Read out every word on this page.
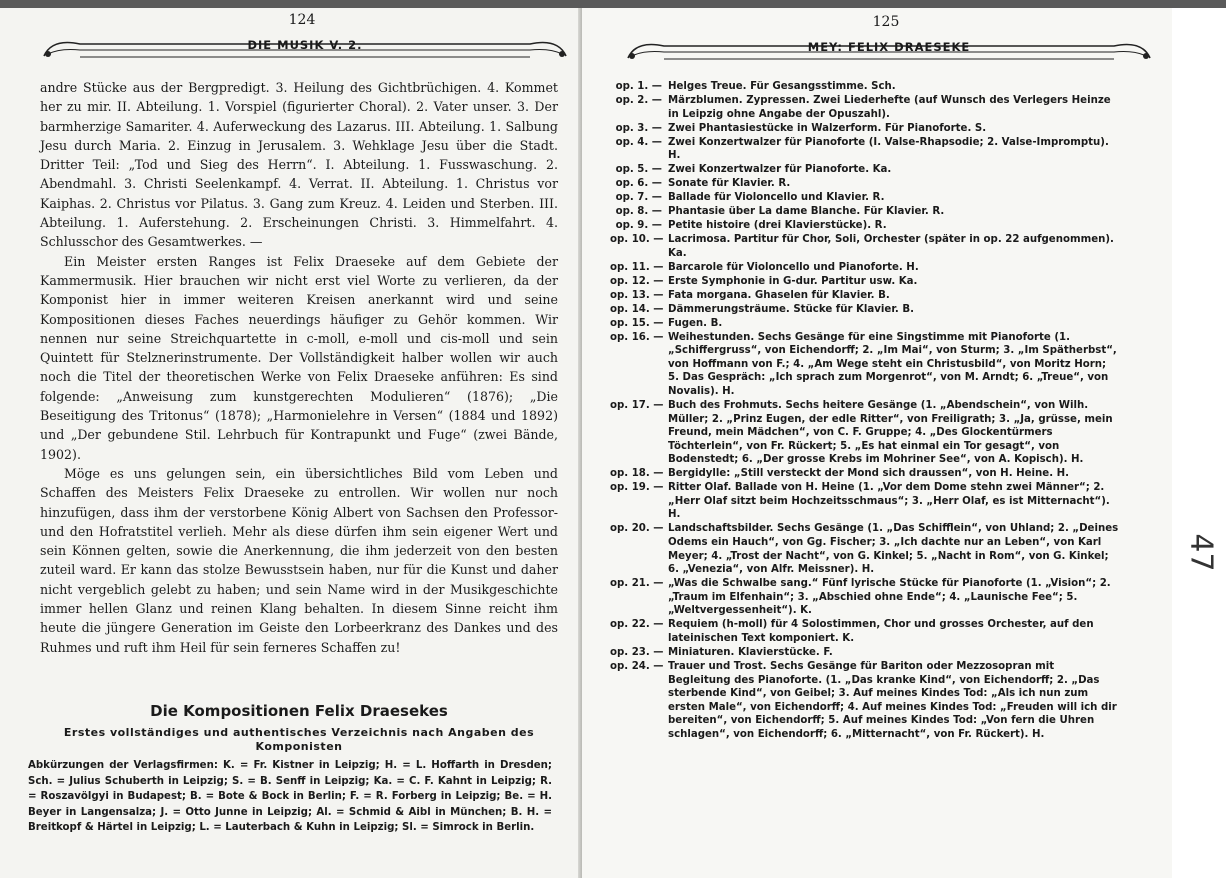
124
DIE MUSIK V. 2.

andre Stücke aus der Bergpredigt. 3. Heilung des Gichtbrüchigen. 4. Kommet her zu mir. II. Abteilung. 1. Vorspiel (figurierter Choral). 2. Vater unser. 3. Der barmherzige Samariter. 4. Auferweckung des Lazarus. III. Abteilung. 1. Salbung Jesu durch Maria. 2. Einzug in Jerusalem. 3. Wehklage Jesu über die Stadt. Dritter Teil: „Tod und Sieg des Herrn“. I. Abteilung. 1. Fusswaschung. 2. Abendmahl. 3. Christi Seelenkampf. 4. Verrat. II. Abteilung. 1. Christus vor Kaiphas. 2. Christus vor Pilatus. 3. Gang zum Kreuz. 4. Leiden und Sterben. III. Abteilung. 1. Auferstehung. 2. Erscheinungen Christi. 3. Himmelfahrt. 4. Schlusschor des Gesamtwerkes. —

Ein Meister ersten Ranges ist Felix Draeseke auf dem Gebiete der Kammermusik. Hier brauchen wir nicht erst viel Worte zu verlieren, da der Komponist hier in immer weiteren Kreisen anerkannt wird und seine Kompositionen dieses Faches neuerdings häufiger zu Gehör kommen. Wir nennen nur seine Streichquartette in c-moll, e-moll und cis-moll und sein Quintett für Stelznerinstrumente. Der Vollständigkeit halber wollen wir auch noch die Titel der theoretischen Werke von Felix Draeseke anführen: Es sind folgende: „Anweisung zum kunstgerechten Modulieren“ (1876); „Die Beseitigung des Tritonus“ (1878); „Harmonielehre in Versen“ (1884 und 1892) und „Der gebundene Stil. Lehrbuch für Kontrapunkt und Fuge“ (zwei Bände, 1902).

Möge es uns gelungen sein, ein übersichtliches Bild vom Leben und Schaffen des Meisters Felix Draeseke zu entrollen. Wir wollen nur noch hinzufügen, dass ihm der verstorbene König Albert von Sachsen den Professor- und den Hofratstitel verlieh. Mehr als diese dürfen ihm sein eigener Wert und sein Können gelten, sowie die Anerkennung, die ihm jederzeit von den besten zuteil ward. Er kann das stolze Bewusstsein haben, nur für die Kunst und daher nicht vergeblich gelebt zu haben; und sein Name wird in der Musikgeschichte immer hellen Glanz und reinen Klang behalten. In diesem Sinne reicht ihm heute die jüngere Generation im Geiste den Lorbeerkranz des Dankes und des Ruhmes und ruft ihm Heil für sein ferneres Schaffen zu!

Die Kompositionen Felix Draesekes
Erstes vollständiges und authentisches Verzeichnis nach Angaben des Komponisten
Abkürzungen der Verlagsfirmen: K. = Fr. Kistner in Leipzig; H. = L. Hoffarth in Dresden; Sch. = Julius Schuberth in Leipzig; S. = B. Senff in Leipzig; Ka. = C. F. Kahnt in Leipzig; R. = Roszavölgyi in Budapest; B. = Bote & Bock in Berlin; F. = R. Forberg in Leipzig; Be. = H. Beyer in Langensalza; J. = Otto Junne in Leipzig; Al. = Schmid & Aibl in München; B. H. = Breitkopf & Härtel in Leipzig; L. = Lauterbach & Kuhn in Leipzig; Sl. = Simrock in Berlin.
125
MEY: FELIX DRAESEKE
op. 1. — Helges Treue. Für Gesangsstimme. Sch.
op. 2. — Märzblumen. Zypressen. Zwei Liederhefte (auf Wunsch des Verlegers Heinze in Leipzig ohne Angabe der Opuszahl).
op. 3. — Zwei Phantasiestücke in Walzerform. Für Pianoforte. S.
op. 4. — Zwei Konzertwalzer für Pianoforte (I. Valse-Rhapsodie; 2. Valse-Impromptu). H.
op. 5. — Zwei Konzertwalzer für Pianoforte. Ka.
op. 6. — Sonate für Klavier. R.
op. 7. — Ballade für Violoncello und Klavier. R.
op. 8. — Phantasie über La dame Blanche. Für Klavier. R.
op. 9. — Petite histoire (drei Klavierstücke). R.
op. 10. — Lacrimosa. Partitur für Chor, Soli, Orchester (später in op. 22 aufgenommen). Ka.
op. 11. — Barcarole für Violoncello und Pianoforte. H.
op. 12. — Erste Symphonie in G-dur. Partitur usw. Ka.
op. 13. — Fata morgana. Ghaselen für Klavier. B.
op. 14. — Dämmerungsträume. Stücke für Klavier. B.
op. 15. — Fugen. B.
op. 16. — Weihestunden. Sechs Gesänge für eine Singstimme mit Pianoforte (1. „Schiffergruss“, von Eichendorff; 2. „Im Mai“, von Sturm; 3. „Im Spätherbst“, von Hoffmann von F.; 4. „Am Wege steht ein Christusbild“, von Moritz Horn; 5. Das Gespräch: „Ich sprach zum Morgenrot“, von M. Arndt; 6. „Treue“, von Novalis). H.
op. 17. — Buch des Frohmuts. Sechs heitere Gesänge (1. „Abendschein“, von Wilh. Müller; 2. „Prinz Eugen, der edle Ritter“, von Freiligrath; 3. „Ja, grüsse, mein Freund, mein Mädchen“, von C. F. Gruppe; 4. „Des Glockentürmers Töchterlein“, von Fr. Rückert; 5. „Es hat einmal ein Tor gesagt“, von Bodenstedt; 6. „Der grosse Krebs im Mohriner See“, von A. Kopisch). H.
op. 18. — Bergidylle: „Still versteckt der Mond sich draussen“, von H. Heine. H.
op. 19. — Ritter Olaf. Ballade von H. Heine (1. „Vor dem Dome stehn zwei Männer“; 2. „Herr Olaf sitzt beim Hochzeitsschmaus“; 3. „Herr Olaf, es ist Mitternacht“). H.
op. 20. — Landschaftsbilder. Sechs Gesänge (1. „Das Schifflein“, von Uhland; 2. „Deines Odems ein Hauch“, von Gg. Fischer; 3. „Ich dachte nur an Leben“, von Karl Meyer; 4. „Trost der Nacht“, von G. Kinkel; 5. „Nacht in Rom“, von G. Kinkel; 6. „Venezia“, von Alfr. Meissner). H.
op. 21. — „Was die Schwalbe sang.“ Fünf lyrische Stücke für Pianoforte (1. „Vision“; 2. „Traum im Elfenhain“; 3. „Abschied ohne Ende“; 4. „Launische Fee“; 5. „Weltvergessenheit“). K.
op. 22. — Requiem (h-moll) für 4 Solostimmen, Chor und grosses Orchester, auf den lateinischen Text komponiert. K.
op. 23. — Miniaturen. Klavierstücke. F.
op. 24. — Trauer und Trost. Sechs Gesänge für Bariton oder Mezzosopran mit Begleitung des Pianoforte. (1. „Das kranke Kind“, von Eichendorff; 2. „Das sterbende Kind“, von Geibel; 3. Auf meines Kindes Tod: „Als ich nun zum ersten Male“, von Eichendorff; 4. Auf meines Kindes Tod: „Freuden will ich dir bereiten“, von Eichendorff; 5. Auf meines Kindes Tod: „Von fern die Uhren schlagen“, von Eichendorff; 6. „Mitternacht“, von Fr. Rückert). H.
47
